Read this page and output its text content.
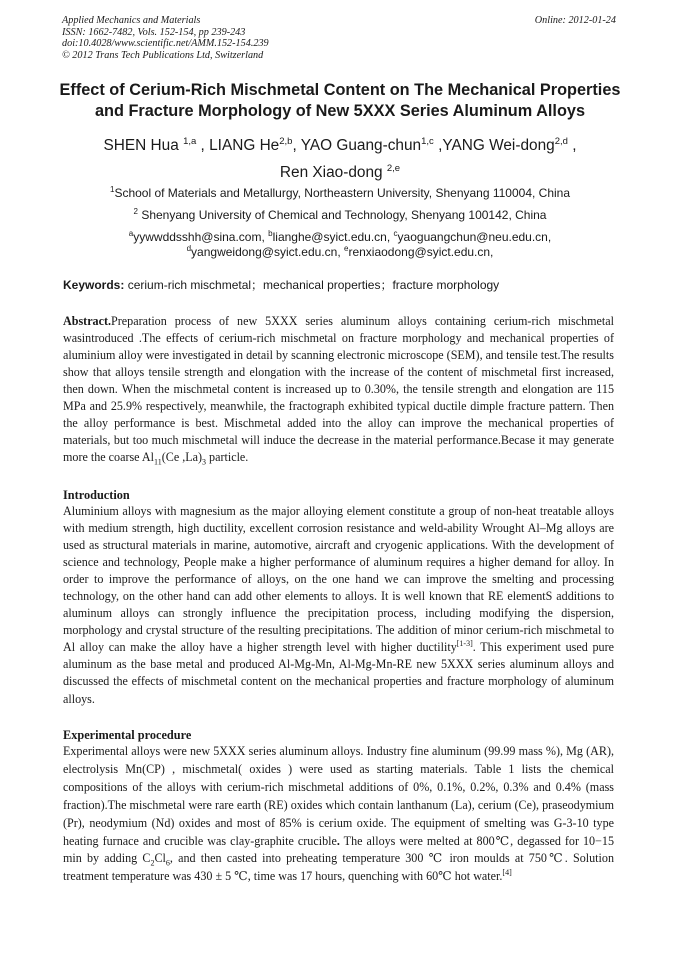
Applied Mechanics and Materials
ISSN: 1662-7482, Vols. 152-154, pp 239-243
doi:10.4028/www.scientific.net/AMM.152-154.239
© 2012 Trans Tech Publications Ltd, Switzerland
Online: 2012-01-24
Effect of Cerium-Rich Mischmetal Content on The Mechanical Properties
and Fracture Morphology of New 5XXX Series Aluminum Alloys
SHEN Hua $^{1,a}$ , LIANG He$^{2,b}$, YAO Guang-chun$^{1,c}$ ,YANG Wei-dong$^{2,d}$ ,
Ren Xiao-dong $^{2,e}$
$^1$School of Materials and Metallurgy, Northeastern University, Shenyang 110004, China
$^2$ Shenyang University of Chemical and Technology, Shenyang 100142, China
$^a$yywwddsshh@sina.com, $^b$lianghe@syict.edu.cn, $^c$yaoguangchun@neu.edu.cn,
$^d$yangweidong@syict.edu.cn, $^e$renxiaodong@syict.edu.cn,
Keywords: cerium-rich mischmetal；mechanical properties；fracture morphology
Abstract.Preparation process of new 5XXX series aluminum alloys containing cerium-rich mischmetal wasintroduced .The effects of cerium-rich mischmetal on fracture morphology and mechanical properties of aluminium alloy were investigated in detail by scanning electronic microscope (SEM), and tensile test.The results show that alloys tensile strength and elongation with the increase of the content of mischmetal first increased, then down. When the mischmetal content is increased up to 0.30%, the tensile strength and elongation are 115 MPa and 25.9% respectively, meanwhile, the fractograph exhibited typical ductile dimple fracture pattern. Then the alloy performance is best. Mischmetal added into the alloy can improve the mechanical properties of materials, but too much mischmetal will induce the decrease in the material performance.Becase it may generate more the coarse $Al_{11}(Ce$ $,La)_3$ particle.
Introduction
Aluminium alloys with magnesium as the major alloying element constitute a group of non-heat treatable alloys with medium strength, high ductility, excellent corrosion resistance and weld-ability Wrought Al–Mg alloys are used as structural materials in marine, automotive, aircraft and cryogenic applications. With the development of science and technology, People make a higher performance of aluminum requires a higher demand for alloy. In order to improve the performance of alloys, on the one hand we can improve the smelting and processing technology, on the other hand can add other elements to alloys. It is well known that RE elementS additions to aluminum alloys can strongly influence the precipitation process, including modifying the dispersion, morphology and crystal structure of the resulting precipitations. The addition of minor cerium-rich mischmetal to Al alloy can make the alloy have a higher strength level with higher ductility[1-3]. This experiment used pure aluminum as the base metal and produced Al-Mg-Mn, Al-Mg-Mn-RE new 5XXX series aluminum alloys and discussed the effects of mischmetal content on the mechanical properties and fracture morphology of aluminum alloys.
Experimental procedure
Experimental alloys were new 5XXX series aluminum alloys. Industry fine aluminum (99.99 mass %), Mg (AR), electrolysis Mn(CP) , mischmetal( oxides ) were used as starting materials. Table 1 lists the chemical compositions of the alloys with cerium-rich mischmetal additions of 0%, 0.1%, 0.2%, 0.3% and 0.4% (mass fraction).The mischmetal were rare earth (RE) oxides which contain lanthanum (La), cerium (Ce), praseodymium (Pr), neodymium (Nd) oxides and most of 85% is cerium oxide. The equipment of smelting was G-3-10 type heating furnace and crucible was clay-graphite crucible. The alloys were melted at 800℃, degassed for 10−15 min by adding $C_2Cl_6$, and then casted into preheating temperature 300 ℃ iron moulds at 750℃. Solution treatment temperature was 430 ± 5 ℃, time was 17 hours, quenching with 60℃ hot water.[4]
